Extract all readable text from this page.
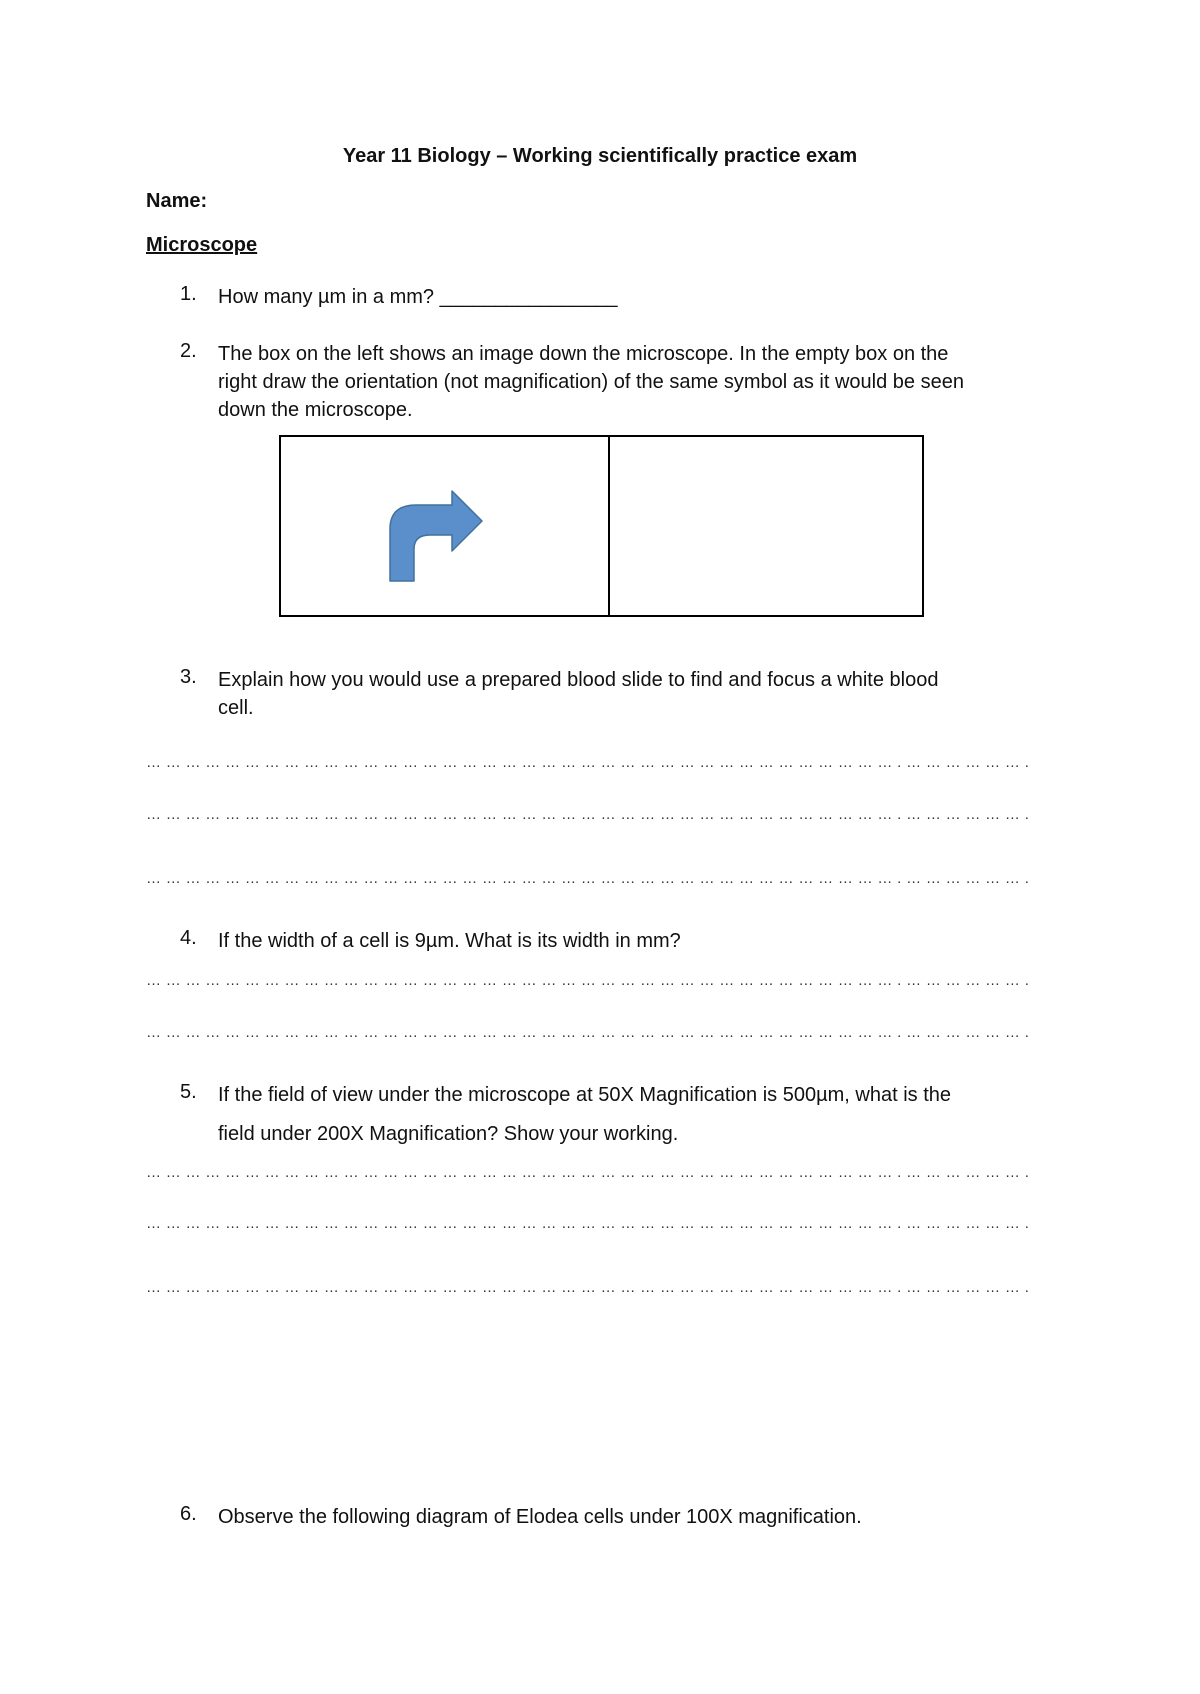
Year 11 Biology – Working scientifically practice exam
Name:
Microscope
1.	How many µm in a mm? ________________
2.	The box on the left shows an image down the microscope. In the empty box on the
right draw the orientation (not magnification) of the same symbol as it would be seen
down the microscope.
3.	Explain how you would use a prepared blood slide to find and focus a white blood
cell.
… … … … … … … … … … … … … … … … … … … … … … … … … … … … … … … … … … … … … … . … … … … … … .
… … … … … … … … … … … … … … … … … … … … … … … … … … … … … … … … … … … … … … . … … … … … … .
… … … … … … … … … … … … … … … … … … … … … … … … … … … … … … … … … … … … … … . … … … … … … .
4.	If the width of a cell is 9µm. What is its width in mm?
… … … … … … … … … … … … … … … … … … … … … … … … … … … … … … … … … … … … … … . … … … … … … .
… … … … … … … … … … … … … … … … … … … … … … … … … … … … … … … … … … … … … … . … … … … … … .
5.	If the field of view under the microscope at 50X Magnification is 500µm, what is the
field under 200X Magnification? Show your working.
… … … … … … … … … … … … … … … … … … … … … … … … … … … … … … … … … … … … … … . … … … … … … .
… … … … … … … … … … … … … … … … … … … … … … … … … … … … … … … … … … … … … … . … … … … … … .
… … … … … … … … … … … … … … … … … … … … … … … … … … … … … … … … … … … … … … . … … … … … … .
6.	Observe the following diagram of Elodea cells under 100X magnification.
